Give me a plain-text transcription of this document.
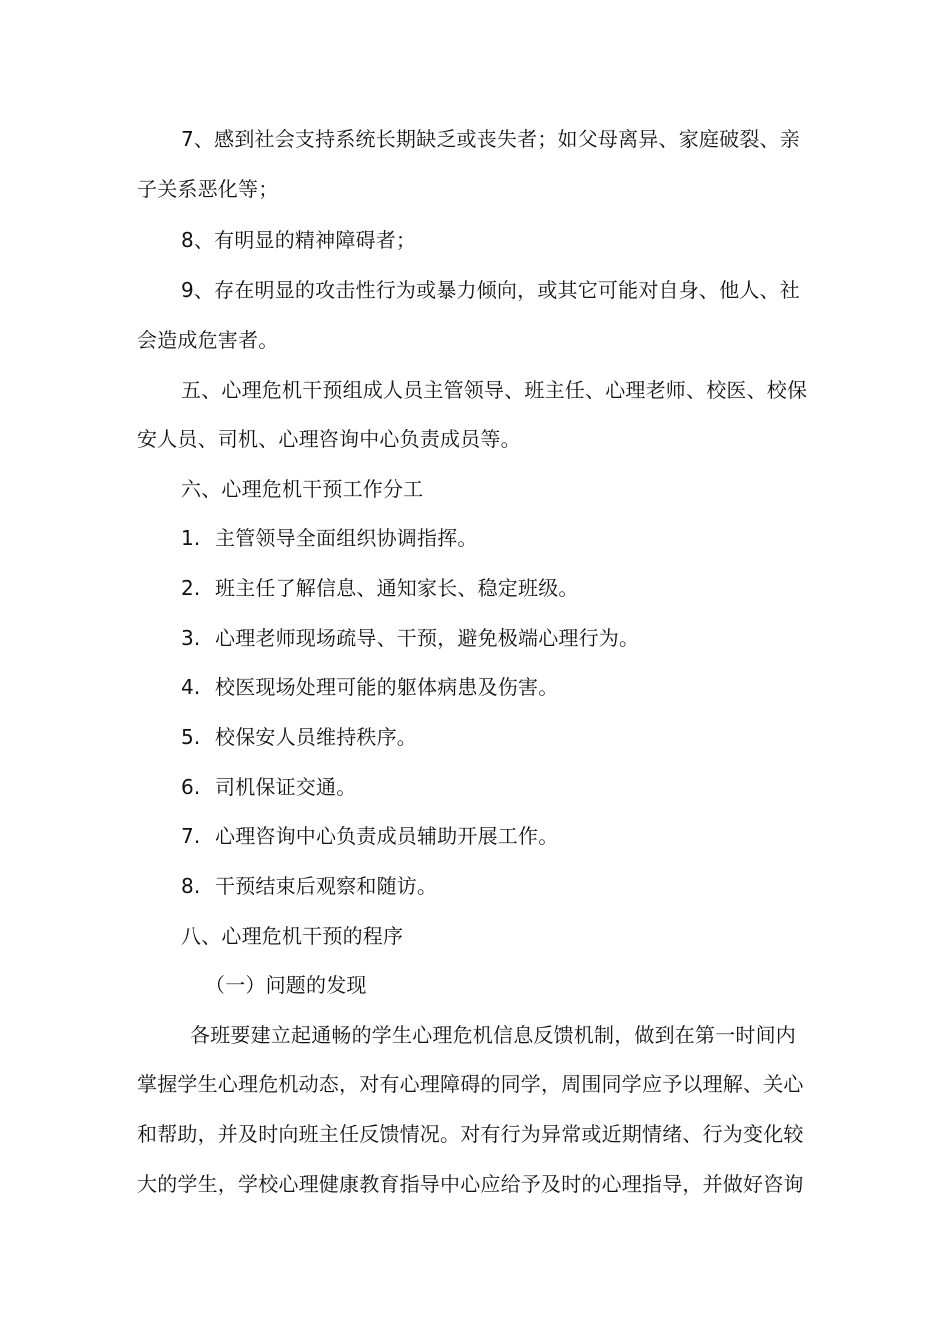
7、感到社会支持系统长期缺乏或丧失者；如父母离异、家庭破裂、亲
子关系恶化等；
8、有明显的精神障碍者；
9、存在明显的攻击性行为或暴力倾向，或其它可能对自身、他人、社
会造成危害者。
五、心理危机干预组成人员主管领导、班主任、心理老师、校医、校保
安人员、司机、心理咨询中心负责成员等。
六、心理危机干预工作分工
1. 主管领导全面组织协调指挥。
2. 班主任了解信息、通知家长、稳定班级。
3. 心理老师现场疏导、干预，避免极端心理行为。
4. 校医现场处理可能的躯体病患及伤害。
5. 校保安人员维持秩序。
6. 司机保证交通。
7. 心理咨询中心负责成员辅助开展工作。
8. 干预结束后观察和随访。
八、心理危机干预的程序
（一）问题的发现
各班要建立起通畅的学生心理危机信息反馈机制，做到在第一时间内
掌握学生心理危机动态，对有心理障碍的同学，周围同学应予以理解、关心
和帮助，并及时向班主任反馈情况。对有行为异常或近期情绪、行为变化较
大的学生，学校心理健康教育指导中心应给予及时的心理指导，并做好咨询
